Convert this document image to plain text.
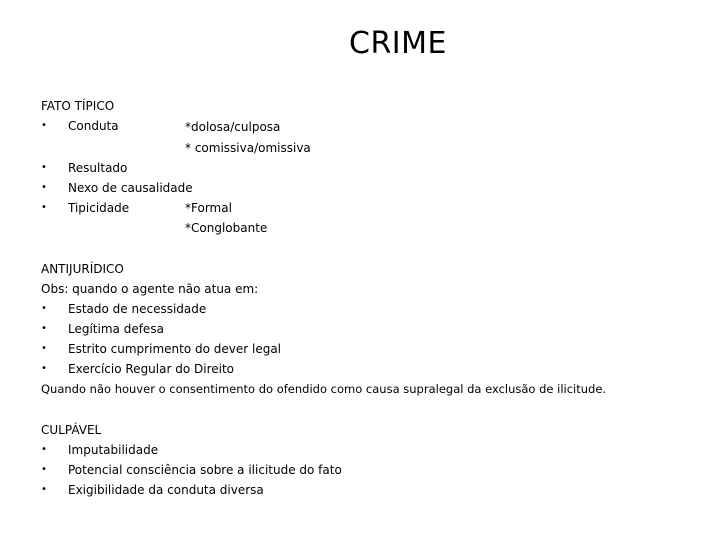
CRIME
FATO TÍPICO
• Conduta	*dolosa/culposa
* comissiva/omissiva
• Resultado
• Nexo de causalidade
• Tipicidade	*Formal
*Conglobante
ANTIJURÍDICO
Obs: quando o agente não atua em:
• Estado de necessidade
• Legítima defesa
• Estrito cumprimento do dever legal
• Exercício Regular do Direito
Quando não houver o consentimento do ofendido como causa supralegal da exclusão de ilicitude.
CULPÁVEL
• Imputabilidade
• Potencial consciência sobre a ilicitude do fato
• Exigibilidade da conduta diversa
